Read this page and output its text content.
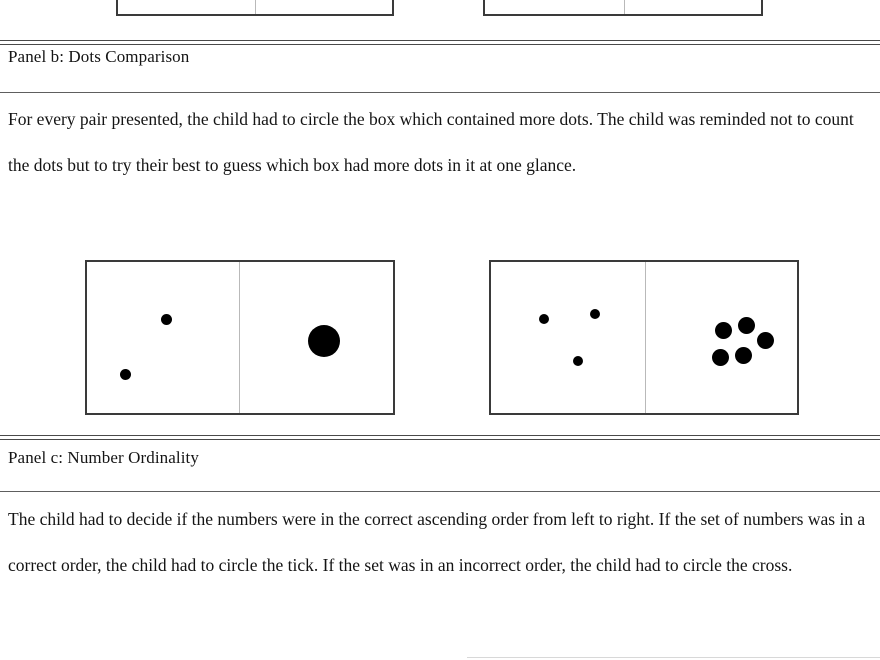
Panel b: Dots Comparison
For every pair presented, the child had to circle the box which contained more dots. The child was reminded not to count the dots but to try their best to guess which box had more dots in it at one glance.
Panel c: Number Ordinality
The child had to decide if the numbers were in the correct ascending order from left to right. If the set of numbers was in a correct order, the child had to circle the tick. If the set was in an incorrect order, the child had to circle the cross.
